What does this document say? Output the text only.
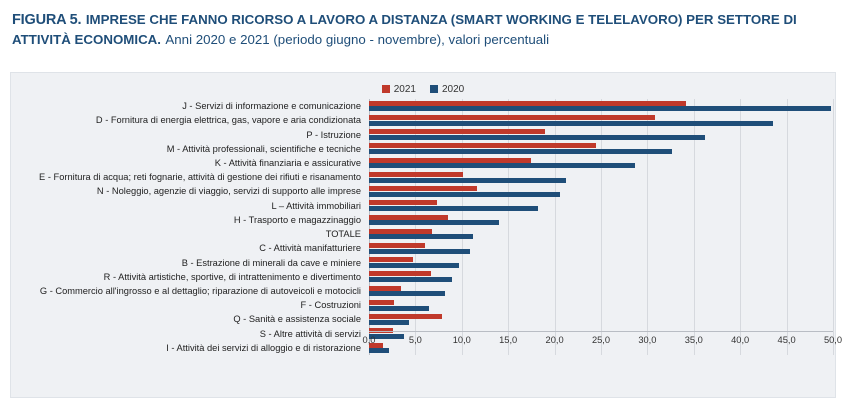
FIGURA 5. IMPRESE CHE FANNO RICORSO A LAVORO A DISTANZA (SMART WORKING E TELELAVORO) PER SETTORE DI ATTIVITÀ ECONOMICA. Anni 2020 e 2021 (periodo giugno - novembre), valori percentuali
2021	2020
J - Servizi di informazione e comunicazione
D - Fornitura di energia elettrica, gas, vapore e aria condizionata
P - Istruzione
M - Attività professionali, scientifiche e tecniche
K - Attività finanziaria e assicurative
E - Fornitura di acqua; reti fognarie, attività di gestione dei rifiuti e risanamento
N - Noleggio, agenzie di viaggio, servizi di supporto alle imprese
L – Attività immobiliari
H - Trasporto e magazzinaggio
TOTALE
C - Attività manifatturiere
B - Estrazione di minerali da cave e miniere
R - Attività artistiche, sportive, di intrattenimento e divertimento
G - Commercio all'ingrosso e al dettaglio; riparazione di autoveicoli e motocicli
F - Costruzioni
Q - Sanità e assistenza sociale
S - Altre attività di servizi
I - Attività dei servizi di alloggio e di ristorazione
0,0	5,0	10,0	15,0	20,0	25,0	30,0	35,0	40,0	45,0	50,0
